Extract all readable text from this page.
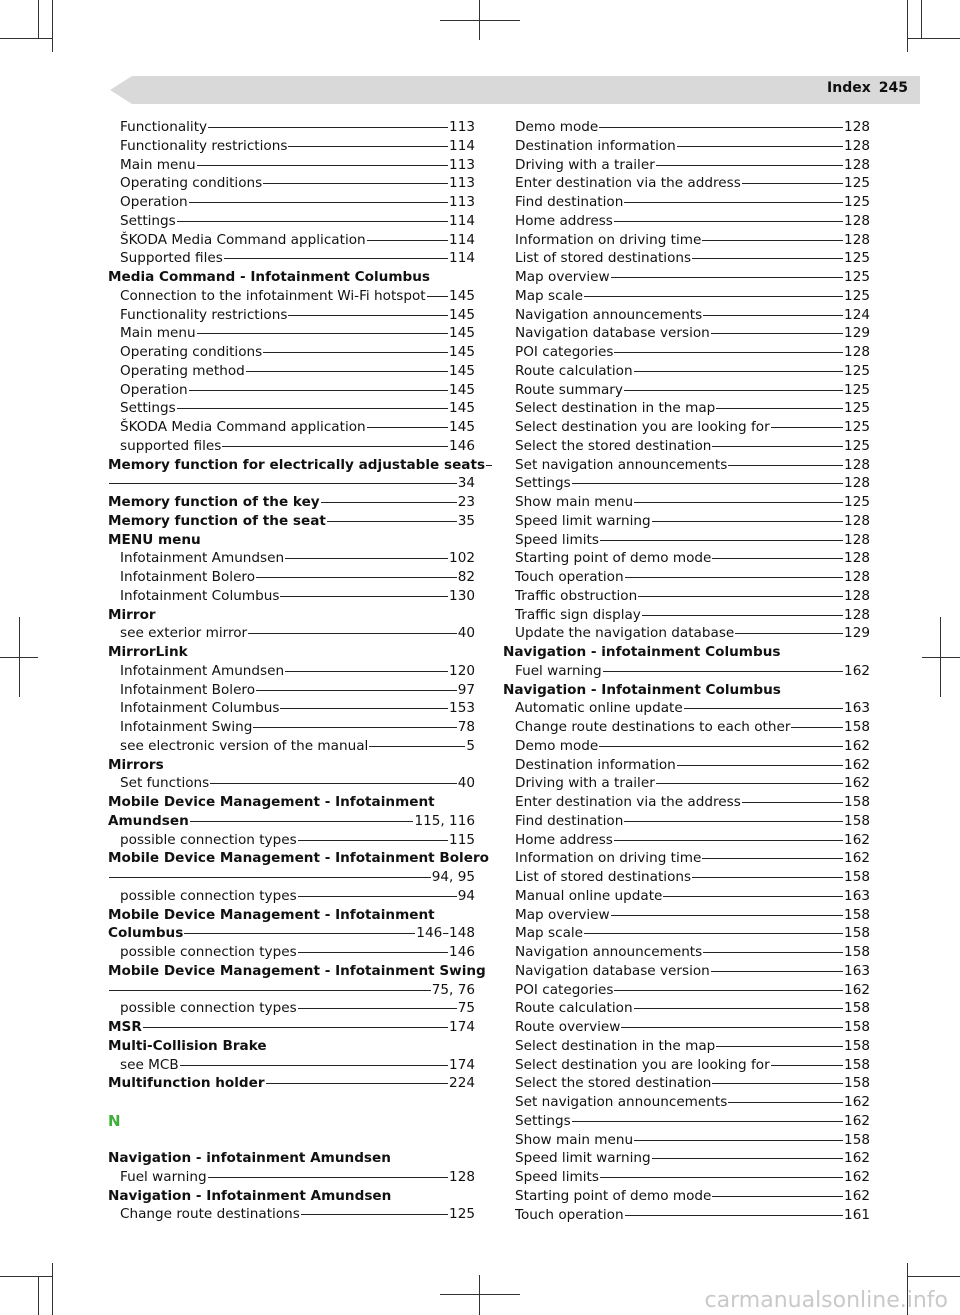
Index 245
Functionality	113
Functionality restrictions	114
Main menu	113
Operating conditions	113
Operation	113
Settings	114
ŠKODA Media Command application	114
Supported files	114
Media Command - Infotainment Columbus
Connection to the infotainment Wi-Fi hotspot 145
Functionality restrictions	145
Main menu	145
Operating conditions	145
Operating method	145
Operation	145
Settings	145
ŠKODA Media Command application	145
supported files	146
Memory function for electrically adjustable seats
34
Memory function of the key	23
Memory function of the seat	35
MENU menu
Infotainment Amundsen	102
Infotainment Bolero	82
Infotainment Columbus	130
Mirror
see exterior mirror	40
MirrorLink
Infotainment Amundsen	120
Infotainment Bolero	97
Infotainment Columbus	153
Infotainment Swing	78
see electronic version of the manual	5
Mirrors
Set functions	40
Mobile Device Management - Infotainment
Amundsen	115, 116
possible connection types	115
Mobile Device Management - Infotainment Bolero
94, 95
possible connection types	94
Mobile Device Management - Infotainment
Columbus	146–148
possible connection types	146
Mobile Device Management - Infotainment Swing
75, 76
possible connection types	75
MSR	174
Multi-Collision Brake
see MCB	174
Multifunction holder	224
N
Navigation - infotainment Amundsen
Fuel warning	128
Navigation - Infotainment Amundsen
Change route destinations	125
Demo mode	128
Destination information	128
Driving with a trailer	128
Enter destination via the address	125
Find destination	125
Home address	128
Information on driving time	128
List of stored destinations	125
Map overview	125
Map scale	125
Navigation announcements	124
Navigation database version	129
POI categories	128
Route calculation	125
Route summary	125
Select destination in the map	125
Select destination you are looking for	125
Select the stored destination	125
Set navigation announcements	128
Settings	128
Show main menu	125
Speed limit warning	128
Speed limits	128
Starting point of demo mode	128
Touch operation	128
Traffic obstruction	128
Traffic sign display	128
Update the navigation database	129
Navigation - infotainment Columbus
Fuel warning	162
Navigation - Infotainment Columbus
Automatic online update	163
Change route destinations to each other	158
Demo mode	162
Destination information	162
Driving with a trailer	162
Enter destination via the address	158
Find destination	158
Home address	162
Information on driving time	162
List of stored destinations	158
Manual online update	163
Map overview	158
Map scale	158
Navigation announcements	158
Navigation database version	163
POI categories	162
Route calculation	158
Route overview	158
Select destination in the map	158
Select destination you are looking for	158
Select the stored destination	158
Set navigation announcements	162
Settings	162
Show main menu	158
Speed limit warning	162
Speed limits	162
Starting point of demo mode	162
Touch operation	161
carmanualsonline.info
